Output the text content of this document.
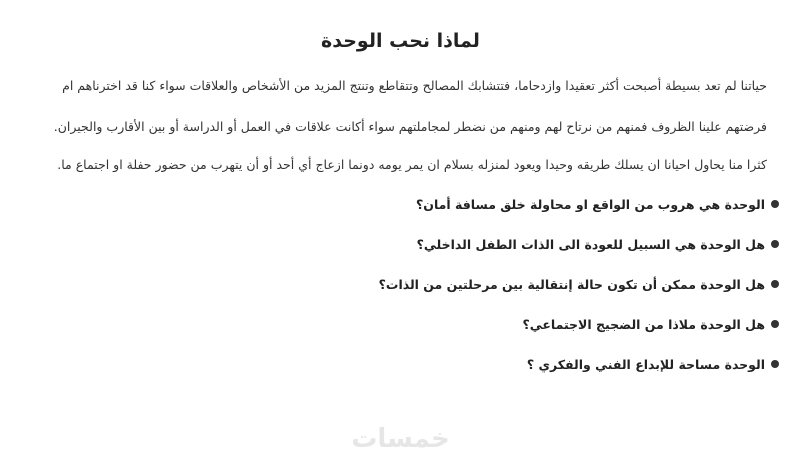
لماذا نحب الوحدة

حياتنا لم تعد بسيطة أصبحت أكثر تعقيدا وازدحاما، فتتشابك المصالح وتتقاطع وتنتج المزيد من الأشخاص والعلاقات سواء كنا قد اخترناهم ام

فرضتهم علينا الظروف فمنهم من نرتاح لهم ومنهم من نضطر لمجاملتهم سواء أكانت علاقات في العمل أو الدراسة أو بين الأقارب والجيران.

كثرا منا يحاول احيانا ان يسلك طريقه وحيدا ويعود لمنزله بسلام ان يمر يومه دونما ازعاج أي أحد أو أن يتهرب من حضور حفلة او اجتماع ما.

الوحدة هي هروب من الواقع او محاولة خلق مسافة أمان؟
هل الوحدة هي السبيل للعودة الى الذات الطفل الداخلي؟
هل الوحدة ممكن أن تكون حالة إنتقالية بين مرحلتين من الذات؟
هل الوحدة ملاذا من الضجيج الاجتماعي؟
الوحدة مساحة للإبداع الفني والفكري ؟
خمسات
